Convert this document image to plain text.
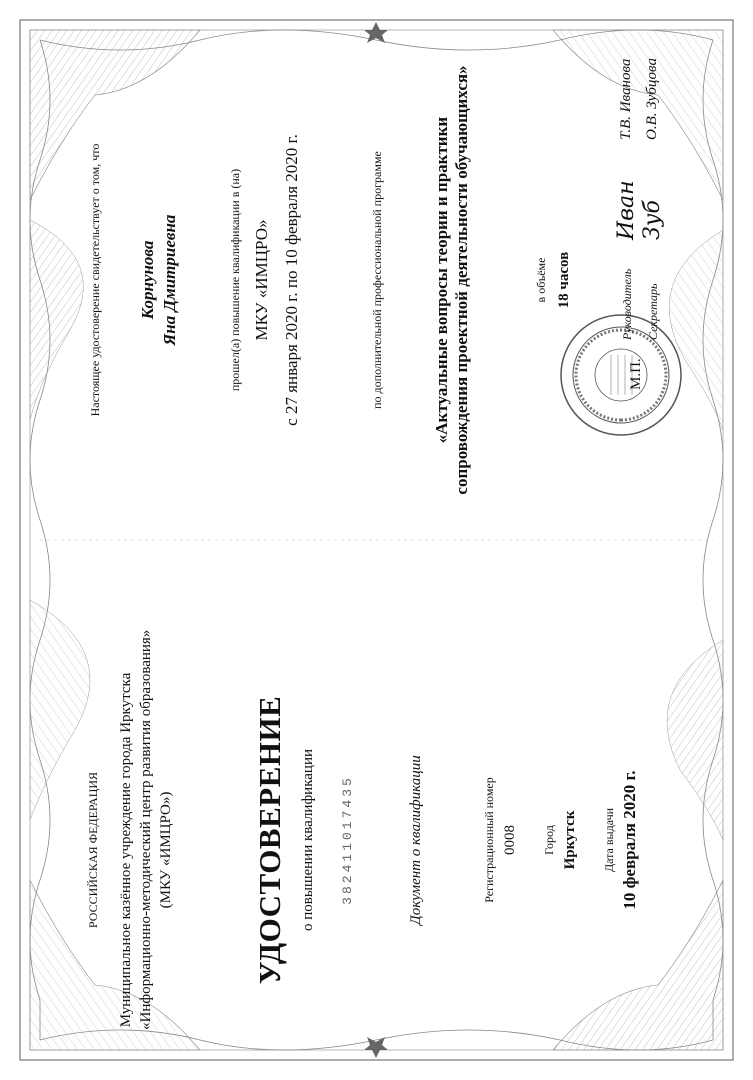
РОССИЙСКАЯ ФЕДЕРАЦИЯ Муниципальное казённое учреждение города Иркутска «Информационно-методический центр развития образования» (МКУ «ИМЦРО»)	УДОСТОВЕРЕНИЕ о повышении квалификации 382411017435	Документ о квалификации	Регистрационный номер 0008 Город Иркутск Дата выдачи 10 февраля 2020 г.
Настоящее удостоверение свидетельствует о том, что Корнунова Яна Дмитриевна	прошел(а) повышение квалификации в (на) МКУ «ИМЦРО» с 27 января 2020 г. по 10 февраля 2020 г.	по дополнительной профессиональной программе	«Актуальные вопросы теории и практики сопровождения проектной деятельности обучающихся»	в объёме 18 часов
М.П.
Руководитель
Иван
Т.В. Иванова
Секретарь
Зуб
О.В. Зубцова
